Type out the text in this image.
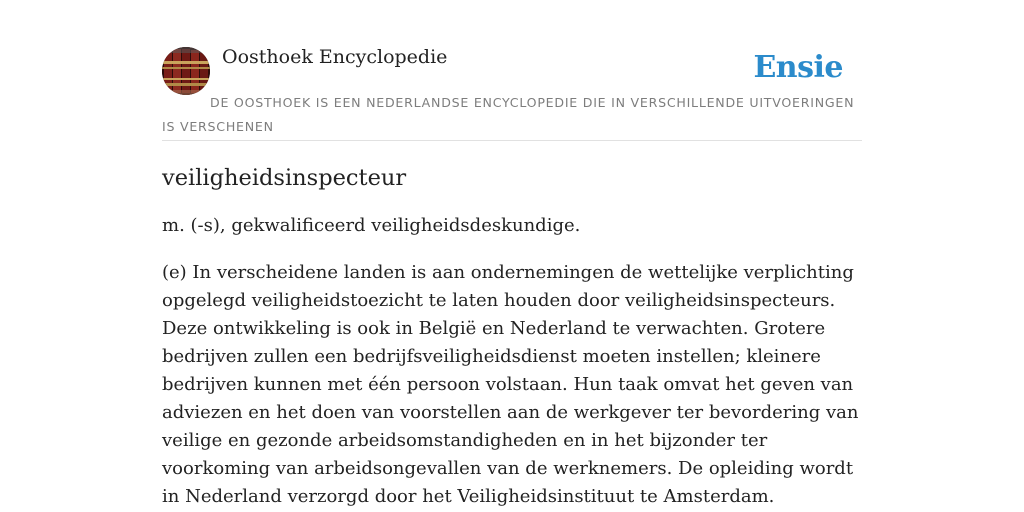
Oosthoek Encyclopedie	Ensie
DE OOSTHOEK IS EEN NEDERLANDSE ENCYCLOPEDIE DIE IN VERSCHILLENDE UITVOERINGEN IS VERSCHENEN
veiligheidsinspecteur

m. (-s), gekwalificeerd veiligheidsdeskundige.

(e) In verscheidene landen is aan ondernemingen de wettelijke verplichting opgelegd veiligheidstoezicht te laten houden door veiligheidsinspecteurs. Deze ontwikkeling is ook in België en Nederland te verwachten. Grotere bedrijven zullen een bedrijfsveiligheidsdienst moeten instellen; kleinere bedrijven kunnen met één persoon volstaan. Hun taak omvat het geven van adviezen en het doen van voorstellen aan de werkgever ter bevordering van veilige en gezonde arbeidsomstandigheden en in het bijzonder ter voorkoming van arbeidsongevallen van de werknemers. De opleiding wordt in Nederland verzorgd door het Veiligheidsinstituut te Amsterdam.
